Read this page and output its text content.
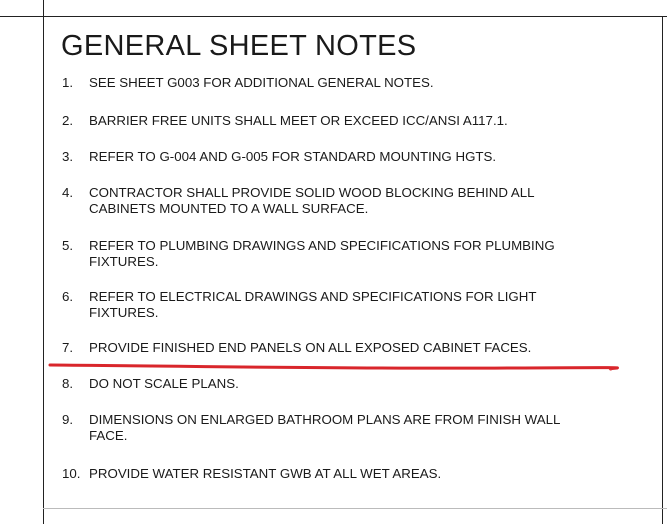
GENERAL SHEET NOTES
1.	SEE SHEET G003 FOR ADDITIONAL GENERAL NOTES.
2.	BARRIER FREE UNITS SHALL MEET OR EXCEED ICC/ANSI A117.1.
3.	REFER TO G-004 AND G-005 FOR STANDARD MOUNTING HGTS.
4.	CONTRACTOR SHALL PROVIDE SOLID WOOD BLOCKING BEHIND ALL
CABINETS MOUNTED TO A WALL SURFACE.
5.	REFER TO PLUMBING DRAWINGS AND SPECIFICATIONS FOR PLUMBING
FIXTURES.
6.	REFER TO ELECTRICAL DRAWINGS AND SPECIFICATIONS FOR LIGHT
FIXTURES.
7.	PROVIDE FINISHED END PANELS ON ALL EXPOSED CABINET FACES.
8.	DO NOT SCALE PLANS.
9.	DIMENSIONS ON ENLARGED BATHROOM PLANS ARE FROM FINISH WALL
FACE.
10. PROVIDE WATER RESISTANT GWB AT ALL WET AREAS.
